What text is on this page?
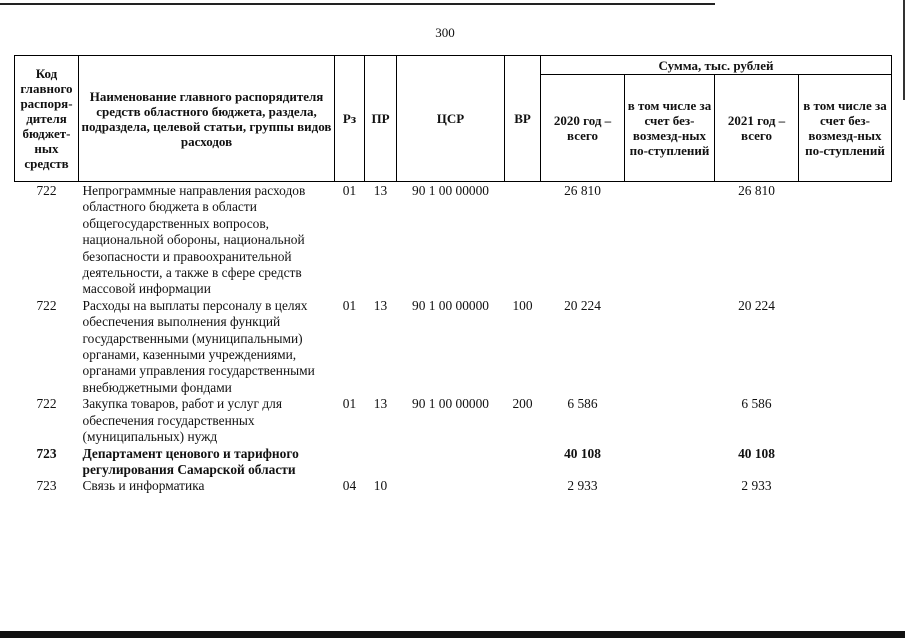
300
Код главного распоря-дителя бюджет-ных средств	Наименование главного распорядителя средств областного бюджета, раздела, подраздела, целевой статьи, группы видов расходов	Рз	ПР	ЦСР	ВР	Сумма, тыс. рублей			
						2020 год – всего	в том числе за счет без-возмезд-ных по-ступлений	2021 год – всего	в том числе за счет без-возмезд-ных по-ступлений
722	Непрограммные направления расходов областного бюджета в области общегосударственных вопросов, национальной обороны, национальной безопасности и правоохранительной деятельности, а также в сфере средств массовой информации	01	13	90 1 00 00000		26 810		26 810	
722	Расходы на выплаты персоналу в целях обеспечения выполнения функций государственными (муниципальными) органами, казенными учреждениями, органами управления государственными внебюджетными фондами	01	13	90 1 00 00000	100	20 224		20 224	
722	Закупка товаров, работ и услуг для обеспечения государственных (муниципальных) нужд	01	13	90 1 00 00000	200	6 586		6 586	
723	Департамент ценового и тарифного регулирования Самарской области					40 108		40 108	
723	Связь и информатика	04	10			2 933		2 933	
